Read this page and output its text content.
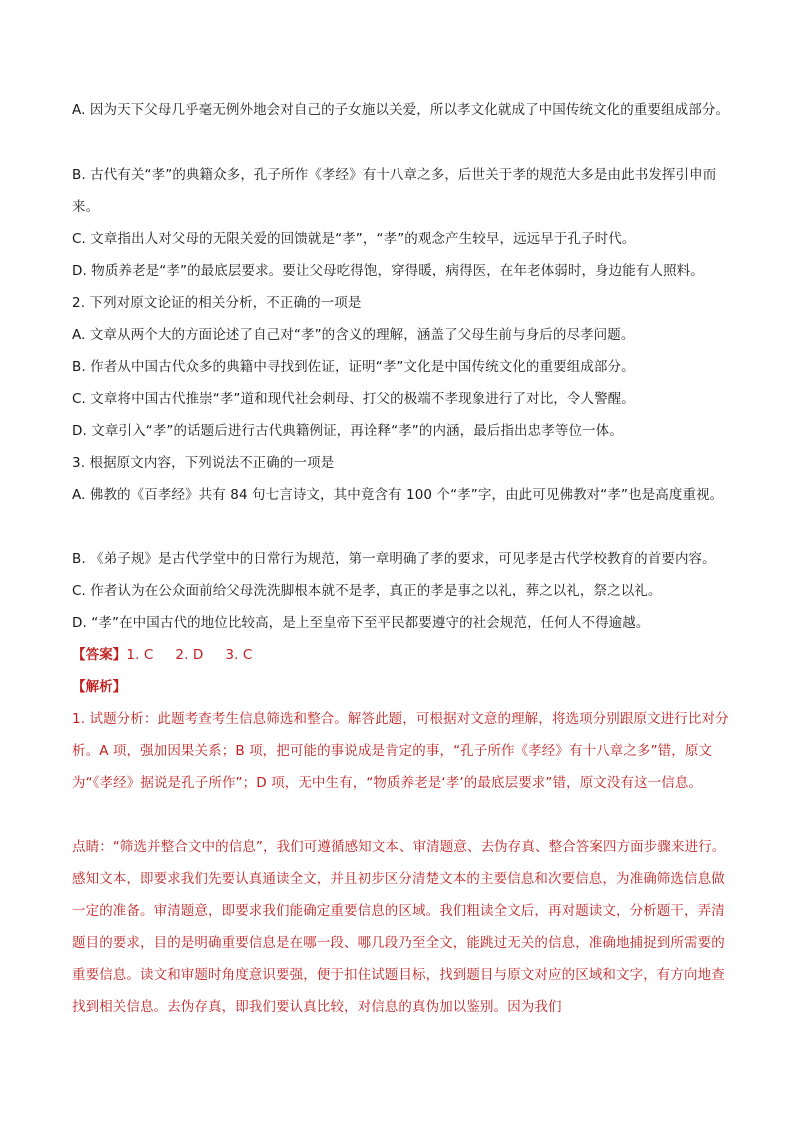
A. 因为天下父母几乎毫无例外地会对自己的子女施以关爱，所以孝文化就成了中国传统文化的重要组成部分。

B. 古代有关“孝”的典籍众多，孔子所作《孝经》有十八章之多，后世关于孝的规范大多是由此书发挥引申而来。

C. 文章指出人对父母的无限关爱的回馈就是“孝”，“孝”的观念产生较早，远远早于孔子时代。

D. 物质养老是“孝”的最底层要求。要让父母吃得饱，穿得暖，病得医，在年老体弱时，身边能有人照料。

2. 下列对原文论证的相关分析，不正确的一项是

A. 文章从两个大的方面论述了自己对“孝”的含义的理解，涵盖了父母生前与身后的尽孝问题。

B. 作者从中国古代众多的典籍中寻找到佐证，证明“孝”文化是中国传统文化的重要组成部分。

C. 文章将中国古代推崇“孝”道和现代社会刺母、打父的极端不孝现象进行了对比，令人警醒。

D. 文章引入“孝”的话题后进行古代典籍例证，再诠释“孝”的内涵，最后指出忠孝等位一体。

3. 根据原文内容，下列说法不正确的一项是

A. 佛教的《百孝经》共有 84 句七言诗文，其中竟含有 100 个“孝”字，由此可见佛教对“孝”也是高度重视。

B. 《弟子规》是古代学堂中的日常行为规范，第一章明确了孝的要求，可见孝是古代学校教育的首要内容。

C. 作者认为在公众面前给父母洗洗脚根本就不是孝，真正的孝是事之以礼，葬之以礼，祭之以礼。

D. “孝”在中国古代的地位比较高，是上至皇帝下至平民都要遵守的社会规范，任何人不得逾越。

【答案】1. C 2. D 3. C

【解析】

1. 试题分析：此题考查考生信息筛选和整合。解答此题，可根据对文意的理解，将选项分别跟原文进行比对分析。A 项，强加因果关系；B 项，把可能的事说成是肯定的事，“孔子所作《孝经》有十八章之多”错，原文为“《孝经》据说是孔子所作”；D 项，无中生有，“物质养老是‘孝’的最底层要求”错，原文没有这一信息。

点睛：“筛选并整合文中的信息”，我们可遵循感知文本、审清题意、去伪存真、整合答案四方面步骤来进行。感知文本，即要求我们先要认真通读全文，并且初步区分清楚文本的主要信息和次要信息，为准确筛选信息做一定的准备。审清题意，即要求我们能确定重要信息的区域。我们粗读全文后，再对题读文，分析题干，弄清题目的要求，目的是明确重要信息是在哪一段、哪几段乃至全文，能跳过无关的信息，准确地捕捉到所需要的重要信息。读文和审题时角度意识要强，便于扣住试题目标，找到题目与原文对应的区域和文字，有方向地查找到相关信息。去伪存真，即我们要认真比较，对信息的真伪加以鉴别。因为我们
